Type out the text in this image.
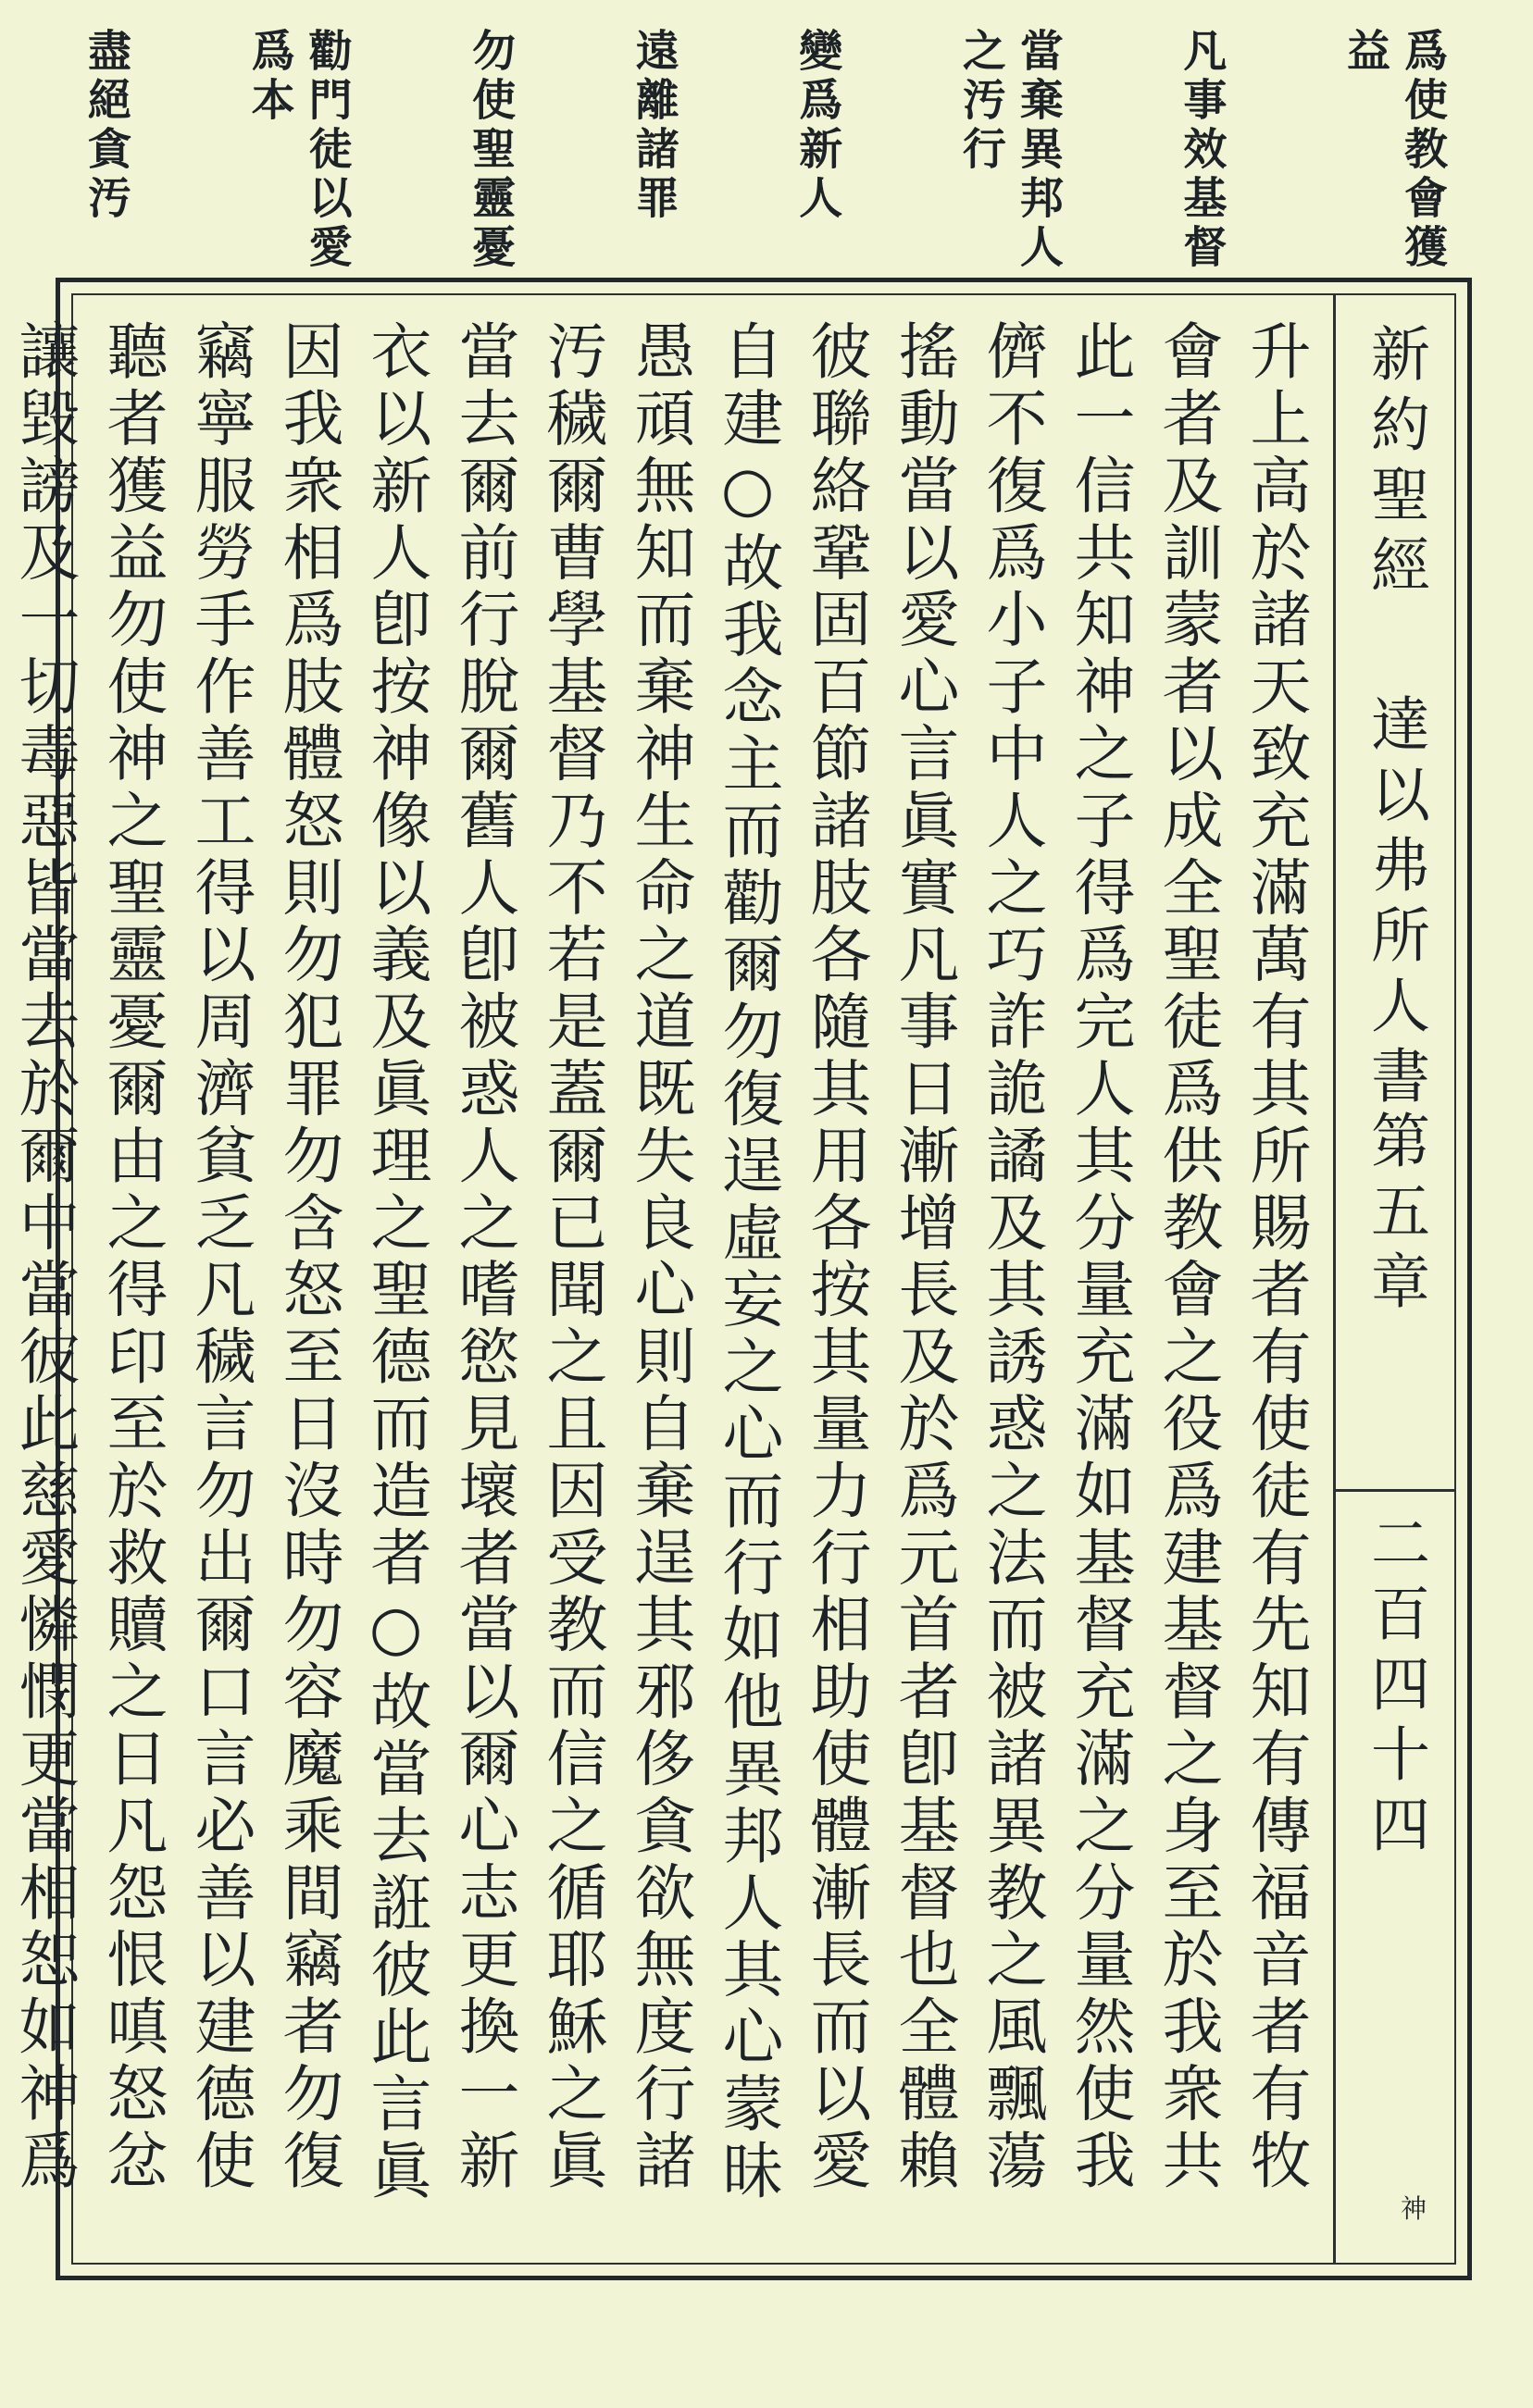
爲使教會獲
益
凡事效基督
當棄異邦人
之汚行
變爲新人
遠離諸罪
勿使聖靈憂
勸門徒以愛
爲本
盡絕貪汚
新約聖經
達以弗所人書
第五章
二百四十四
神

升上高於諸天致充滿萬有其所賜者有使徒有先知有傳福音者有牧會者及訓蒙者以成全聖徒爲供教會之役爲建基督之身至於我衆共此一信共知神之子得爲完人其分量充滿如基督充滿之分量然使我儕不復爲小子中人之巧詐詭譎及其誘惑之法而被諸異教之風飄蕩搖動當以愛心言眞實凡事日漸增長及於爲元首者卽基督也全體賴彼聯絡鞏固百節諸肢各隨其用各按其量力行相助使體漸長而以愛自建○故我念主而勸爾勿復逞虛妄之心而行如他異邦人其心蒙昧愚頑無知而棄神生命之道既失良心則自棄逞其邪侈貪欲無度行諸汚穢爾曹學基督乃不若是蓋爾已聞之且因受教而信之循耶穌之眞當去爾前行脫爾舊人卽被惑人之嗜慾見壞者當以爾心志更換一新衣以新人卽按神像以義及眞理之聖德而造者○故當去誑彼此言眞因我衆相爲肢體怒則勿犯罪勿含怒至日沒時勿容魔乘間竊者勿復竊寧服勞手作善工得以周濟貧乏凡穢言勿出爾口言必善以建德使聽者獲益勿使神之聖靈憂爾由之得印至於救贖之日凡怨恨嗔怒忿讓毀謗及一切毒惡皆當去於爾中當彼此慈愛憐憫更當相恕如神爲
